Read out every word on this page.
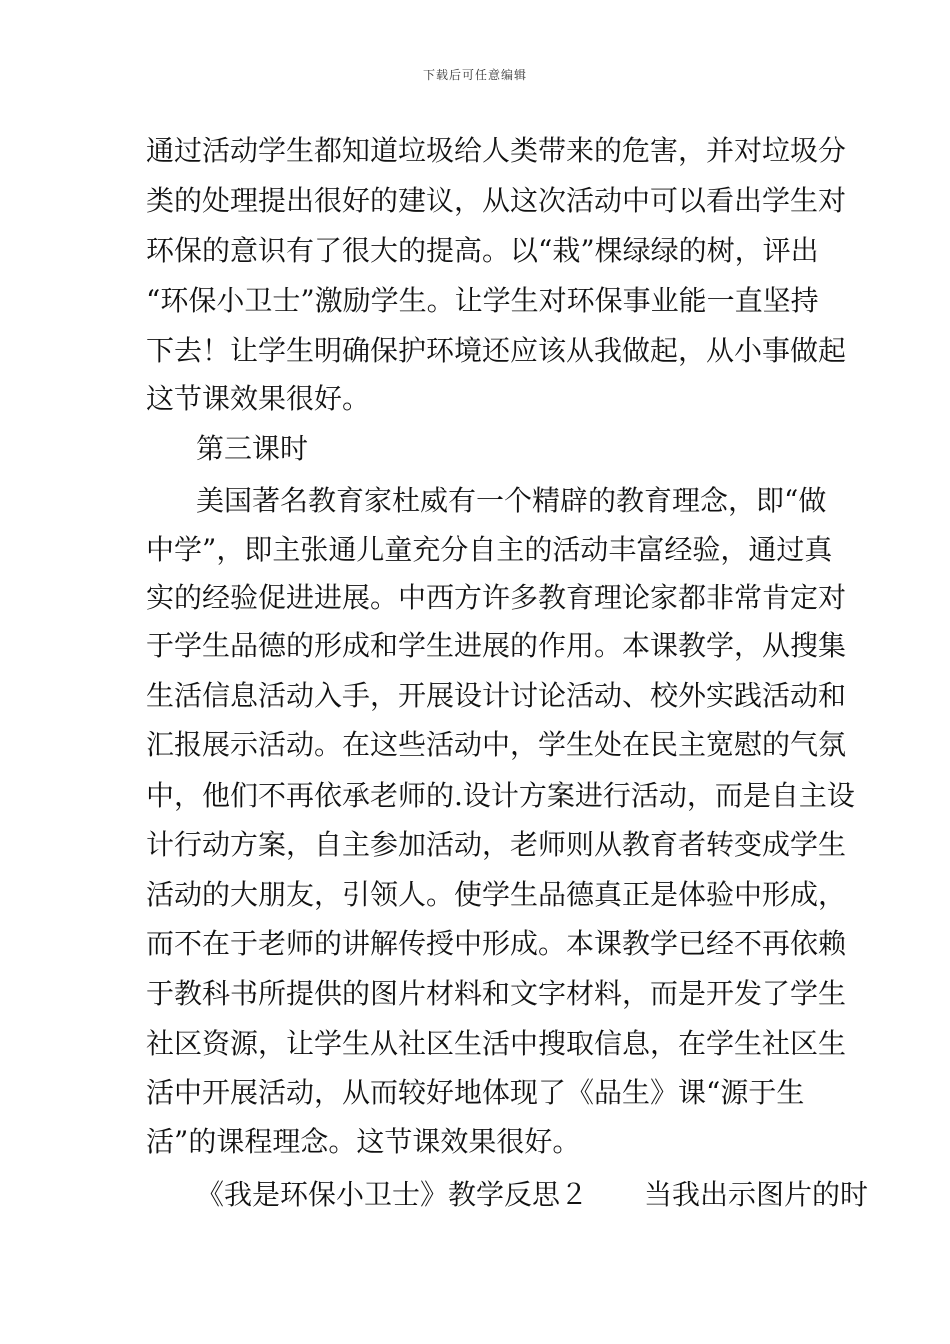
下载后可任意编辑
通过活动学生都知道垃圾给人类带来的危害，并对垃圾分
类的处理提出很好的建议，从这次活动中可以看出学生对
环保的意识有了很大的提高。以“栽”棵绿绿的树，评出
“环保小卫士”激励学生。让学生对环保事业能一直坚持
下去！让学生明确保护环境还应该从我做起，从小事做起
这节课效果很好。
第三课时
美国著名教育家杜威有一个精辟的教育理念，即“做
中学”，即主张通儿童充分自主的活动丰富经验，通过真
实的经验促进进展。中西方许多教育理论家都非常肯定对
于学生品德的形成和学生进展的作用。本课教学，从搜集
生活信息活动入手，开展设计讨论活动、校外实践活动和
汇报展示活动。在这些活动中，学生处在民主宽慰的气氛
中，他们不再依承老师的.设计方案进行活动，而是自主设
计行动方案，自主参加活动，老师则从教育者转变成学生
活动的大朋友，引领人。使学生品德真正是体验中形成，
而不在于老师的讲解传授中形成。本课教学已经不再依赖
于教科书所提供的图片材料和文字材料，而是开发了学生
社区资源，让学生从社区生活中搜取信息，在学生社区生
活中开展活动，从而较好地体现了《品生》课“源于生
活”的课程理念。这节课效果很好。
《我是环保小卫士》教学反思２　　当我出示图片的时
